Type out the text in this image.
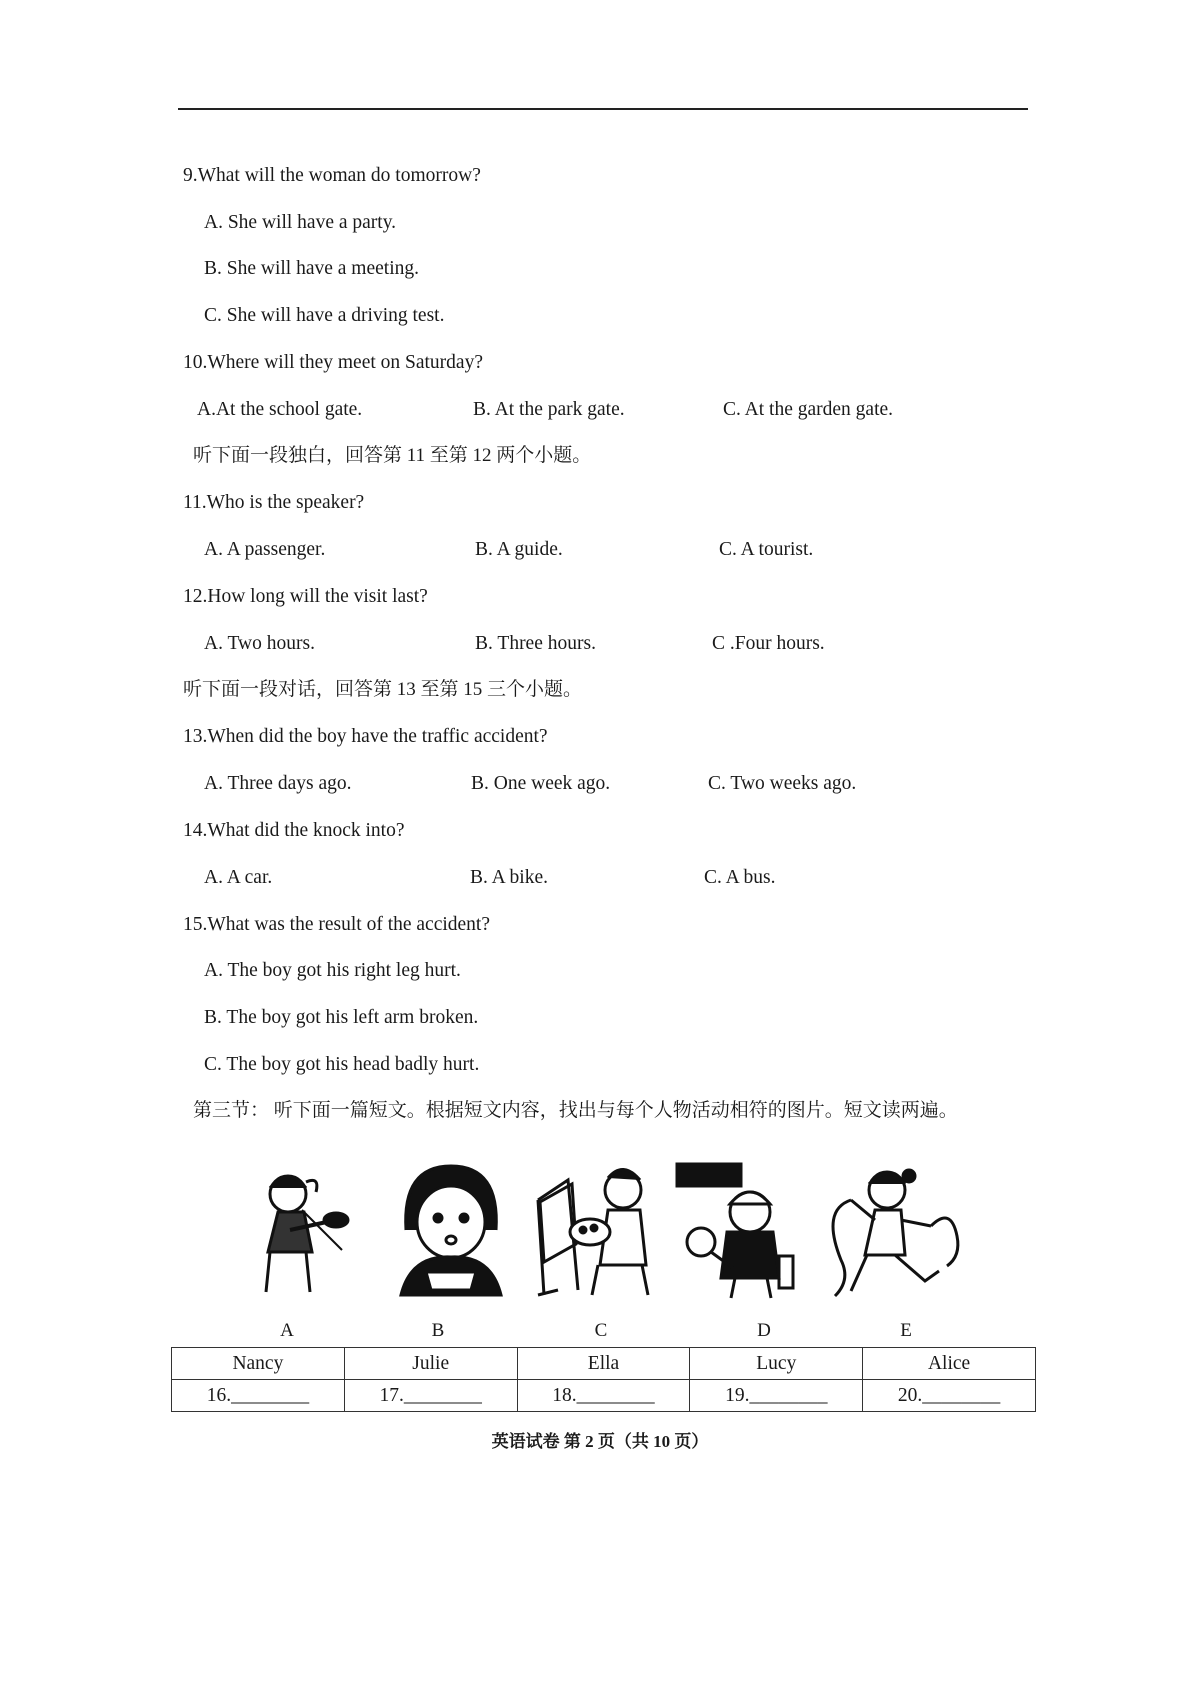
9.What will the woman do tomorrow?
A. She will have a party.
B. She will have a meeting.
C. She will have a driving test.
10.Where will they meet on Saturday?
A.At the school gate.	B. At the park gate.	C. At the garden gate.
听下面一段独白，回答第 11 至第 12 两个小题。
11.Who is the speaker?
A. A passenger.	B. A guide.	C. A tourist.
12.How long will the visit last?
A. Two hours.	B. Three hours.	C .Four hours.
听下面一段对话，回答第 13 至第 15 三个小题。
13.When did the boy have the traffic accident?
A. Three days ago.	B. One week ago.	C. Two weeks ago.
14.What did the knock into?
A. A car.	B. A bike.	C. A bus.
15.What was the result of the accident?
A. The boy got his right leg hurt.
B. The boy got his left arm broken.
C. The boy got his head badly hurt.
第三节： 听下面一篇短文。根据短文内容，找出与每个人物活动相符的图片。短文读两遍。
A	B	C	D	E
Nancy	Julie	Ella	Lucy	Alice
16.________	17.________	18.________	19.________	20.________
英语试卷 第 2 页（共 10 页）
